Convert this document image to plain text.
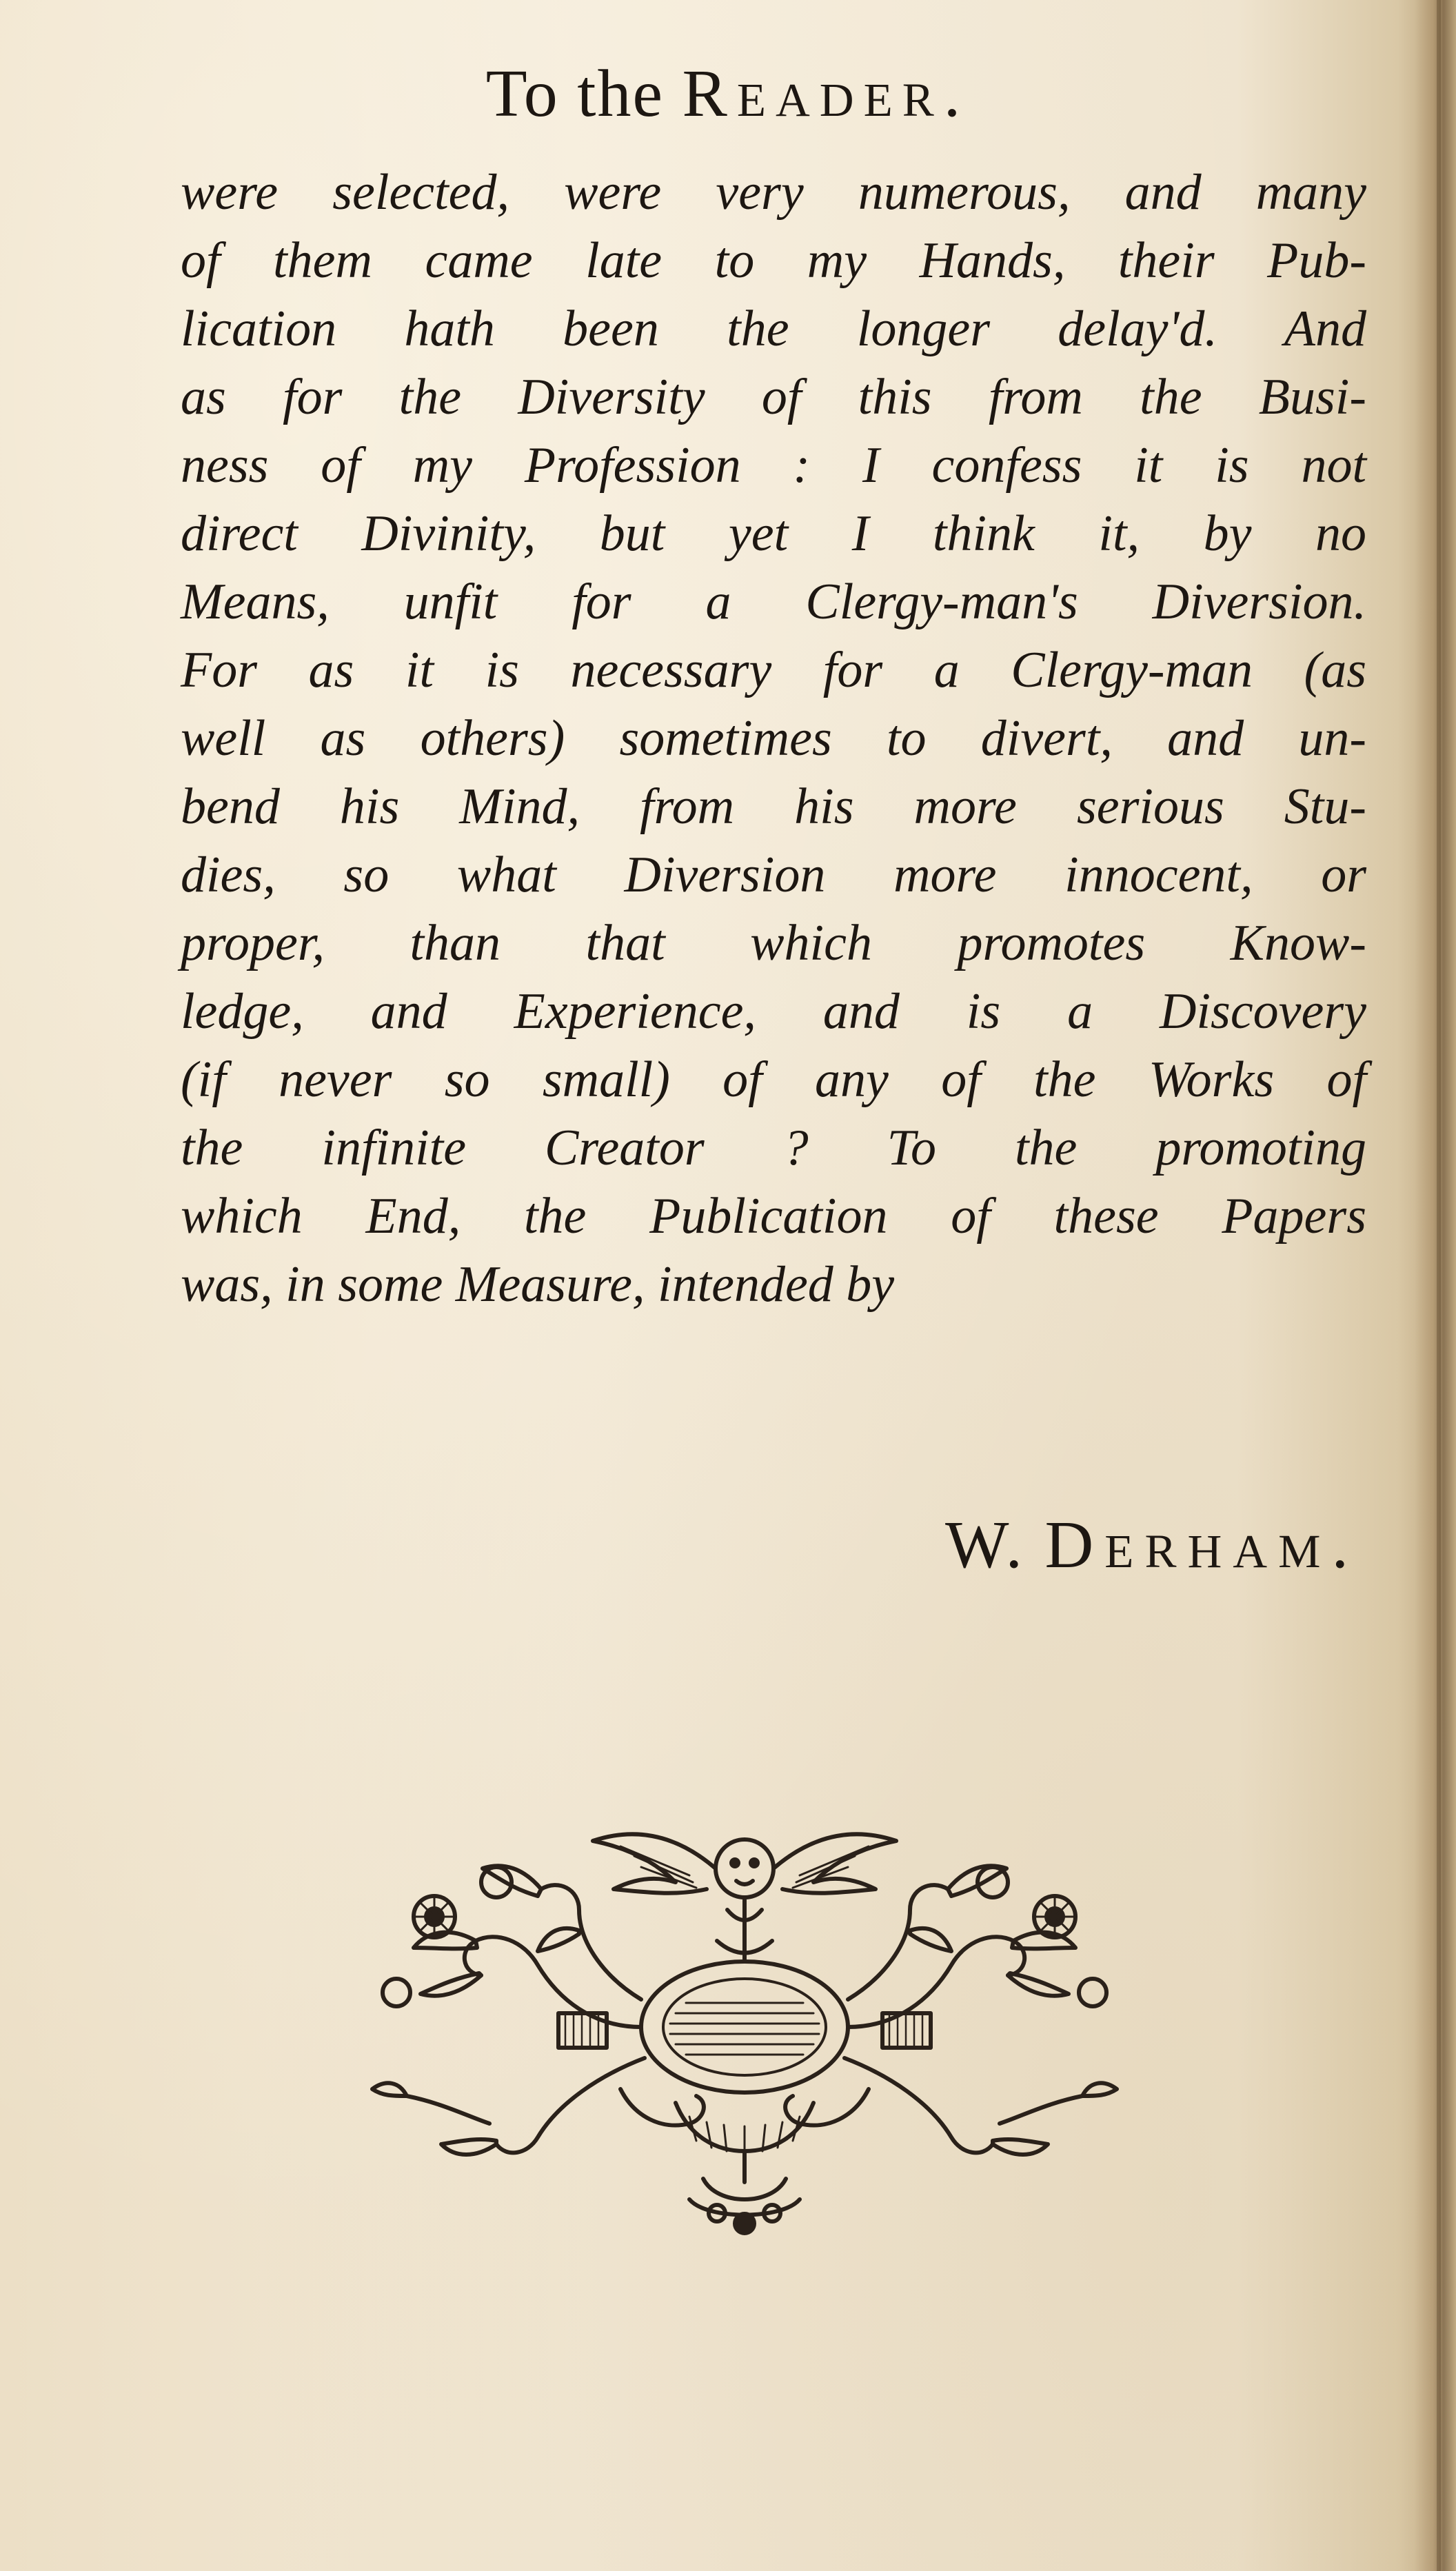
To the Reader.
were selected, were very numerous, and many
of them came late to my Hands, their Pub-
lication hath been the longer delay'd. And
as for the Diversity of this from the Busi-
ness of my Profession : I confess it is not
direct Divinity, but yet I think it, by no
Means, unfit for a Clergy-man's Diversion.
For as it is necessary for a Clergy-man (as
well as others) sometimes to divert, and un-
bend his Mind, from his more serious Stu-
dies, so what Diversion more innocent, or
proper, than that which promotes Know-
ledge, and Experience, and is a Discovery
(if never so small) of any of the Works of
the infinite Creator ? To the promoting
which End, the Publication of these Papers
was, in some Measure, intended by
W. Derham.
